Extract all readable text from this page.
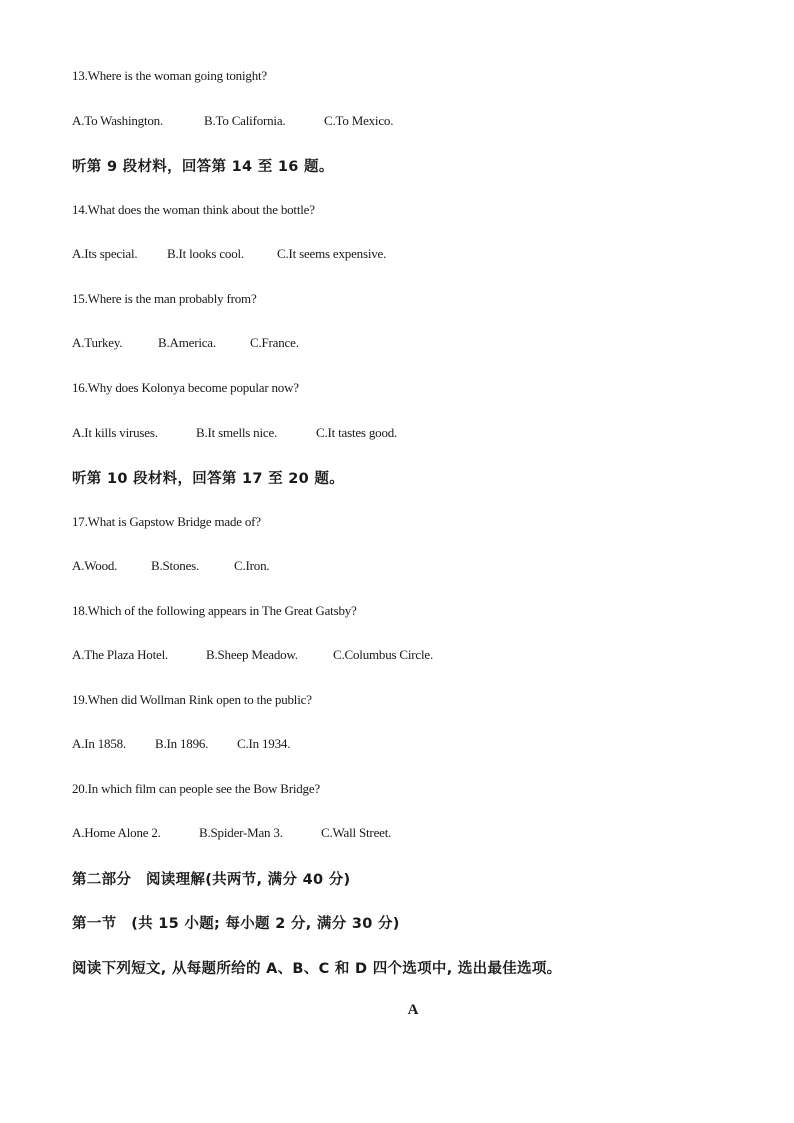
13.Where is the woman going tonight?
A.To Washington.	B.To California.	C.To Mexico.
听第 9 段材料，回答第 14 至 16 题。
14.What does the woman think about the bottle?
A.Its special. B.It looks cool.	C.It seems expensive.
15.Where is the man probably from?
A.Turkey.	B.America.	C.France.
16.Why does Kolonya become popular now?
A.It kills viruses.	B.It smells nice.	C.It tastes good.
听第 10 段材料，回答第 17 至 20 题。
17.What is Gapstow Bridge made of?
A.Wood.	B.Stones.	C.Iron.
18.Which of the following appears in The Great Gatsby?
A.The Plaza Hotel.	B.Sheep Meadow.	C.Columbus Circle.
19.When did Wollman Rink open to the public?
A.In 1858. B.In 1896. C.In 1934.
20.In which film can people see the Bow Bridge?
A.Home Alone 2.	B.Spider-Man 3.	C.Wall Street.
第二部分　阅读理解(共两节, 满分 40 分)
第一节　(共 15 小题; 每小题 2 分, 满分 30 分)
阅读下列短文, 从每题所给的 A、B、C 和 D 四个选项中, 选出最佳选项。
A
